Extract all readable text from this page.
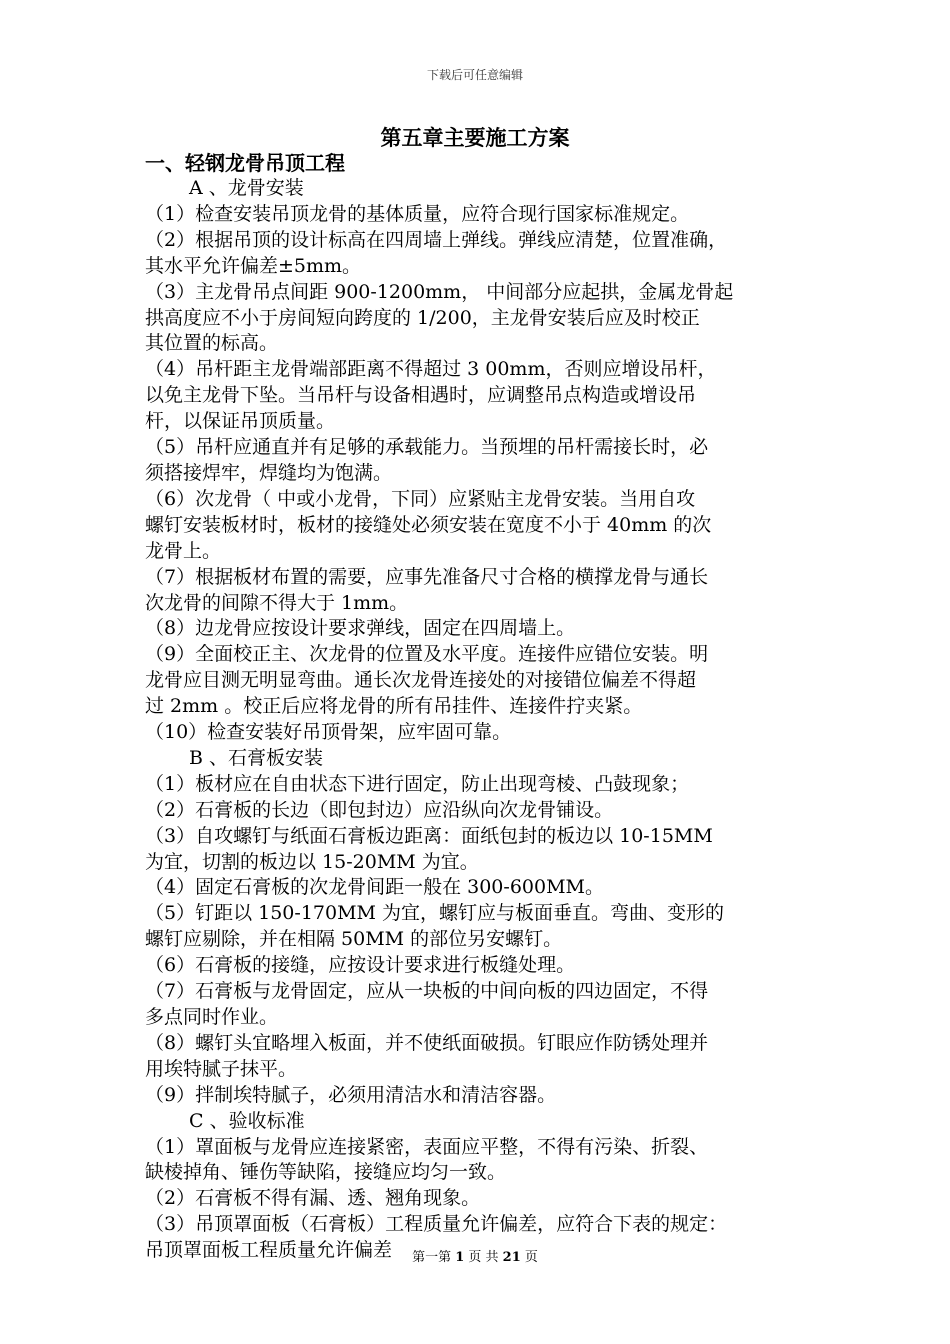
下载后可任意编辑
第五章主要施工方案

一、轻钢龙骨吊顶工程

A 、龙骨安装

（1）检查安装吊顶龙骨的基体质量，应符合现行国家标准规定。

（2）根据吊顶的设计标高在四周墙上弹线。弹线应清楚，位置准确，

其水平允许偏差±5mm。

（3）主龙骨吊点间距 900-1200mm， 中间部分应起拱，金属龙骨起

拱高度应不小于房间短向跨度的 1/200，主龙骨安装后应及时校正

其位置的标高。

（4）吊杆距主龙骨端部距离不得超过 3 00mm，否则应增设吊杆，

以免主龙骨下坠。当吊杆与设备相遇时，应调整吊点构造或增设吊

杆，以保证吊顶质量。

（5）吊杆应通直并有足够的承载能力。当预埋的吊杆需接长时，必

须搭接焊牢，焊缝均为饱满。

（6）次龙骨（ 中或小龙骨，下同）应紧贴主龙骨安装。当用自攻

螺钉安装板材时，板材的接缝处必须安装在宽度不小于 40mm 的次

龙骨上。

（7）根据板材布置的需要，应事先准备尺寸合格的横撑龙骨与通长

次龙骨的间隙不得大于 1mm。

（8）边龙骨应按设计要求弹线，固定在四周墙上。

（9）全面校正主、次龙骨的位置及水平度。连接件应错位安装。明

龙骨应目测无明显弯曲。通长次龙骨连接处的对接错位偏差不得超

过 2mm 。校正后应将龙骨的所有吊挂件、连接件拧夹紧。

（10）检查安装好吊顶骨架，应牢固可靠。

B 、石膏板安装

（1）板材应在自由状态下进行固定，防止出现弯棱、凸鼓现象；

（2）石膏板的长边（即包封边）应沿纵向次龙骨铺设。

（3）自攻螺钉与纸面石膏板边距离：面纸包封的板边以 10-15MM

为宜，切割的板边以 15-20MM 为宜。

（4）固定石膏板的次龙骨间距一般在 300-600MM。

（5）钉距以 150-170MM 为宜，螺钉应与板面垂直。弯曲、变形的

螺钉应剔除，并在相隔 50MM 的部位另安螺钉。

（6）石膏板的接缝，应按设计要求进行板缝处理。

（7）石膏板与龙骨固定，应从一块板的中间向板的四边固定，不得

多点同时作业。

（8）螺钉头宜略埋入板面，并不使纸面破损。钉眼应作防锈处理并

用埃特腻子抹平。

（9）拌制埃特腻子，必须用清洁水和清洁容器。

C 、验收标准

（1）罩面板与龙骨应连接紧密，表面应平整，不得有污染、折裂、

缺棱掉角、锤伤等缺陷，接缝应均匀一致。

（2）石膏板不得有漏、透、翘角现象。

（3）吊顶罩面板（石膏板）工程质量允许偏差，应符合下表的规定：

吊顶罩面板工程质量允许偏差	第一第 1 页 共 21 页
